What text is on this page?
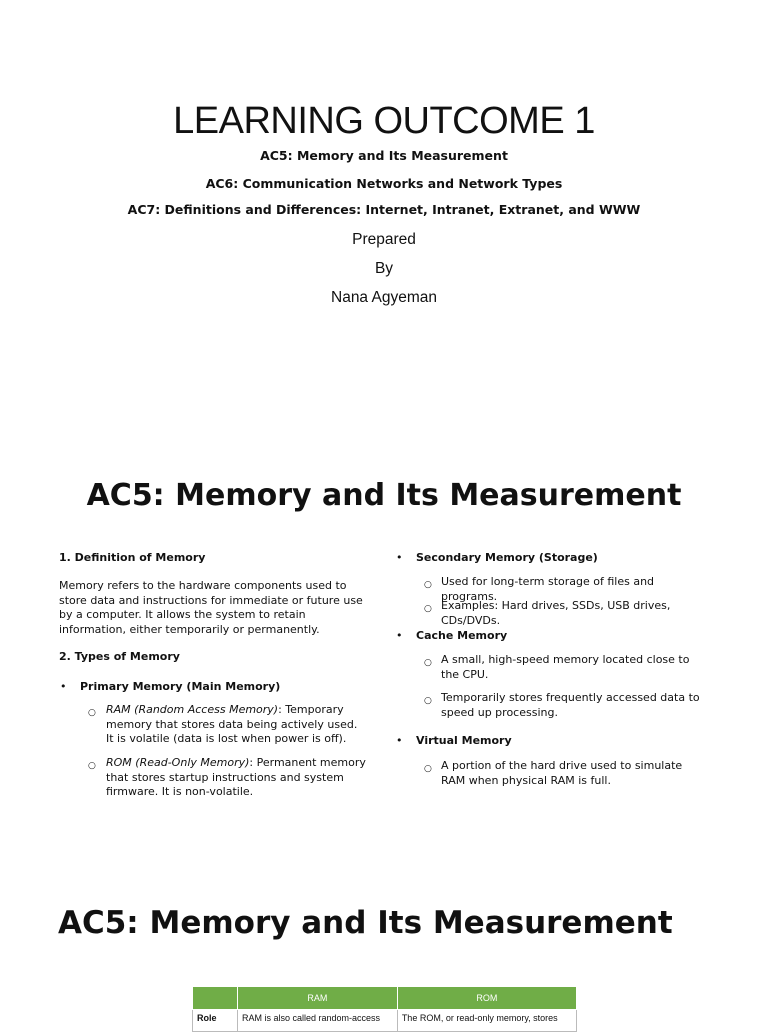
LEARNING OUTCOME 1
AC5: Memory and Its Measurement
AC6: Communication Networks and Network Types
AC7: Definitions and Differences: Internet, Intranet, Extranet, and WWW
Prepared
By
Nana Agyeman
AC5: Memory and Its Measurement
1. Definition of Memory
Memory refers to the hardware components used to store data and instructions for immediate or future use by a computer. It allows the system to retain information, either temporarily or permanently.
2. Types of Memory
• Primary Memory (Main Memory)
○ RAM (Random Access Memory): Temporary memory that stores data being actively used. It is volatile (data is lost when power is off).
○ ROM (Read-Only Memory): Permanent memory that stores startup instructions and system firmware. It is non-volatile.
• Secondary Memory (Storage)
○ Used for long-term storage of files and programs.
○ Examples: Hard drives, SSDs, USB drives, CDs/DVDs.
• Cache Memory
○ A small, high-speed memory located close to the CPU.
○ Temporarily stores frequently accessed data to speed up processing.
• Virtual Memory
○ A portion of the hard drive used to simulate RAM when physical RAM is full.
AC5: Memory and Its Measurement
	RAM	ROM
Role	RAM is also called random-access	The ROM, or read-only memory, stores
